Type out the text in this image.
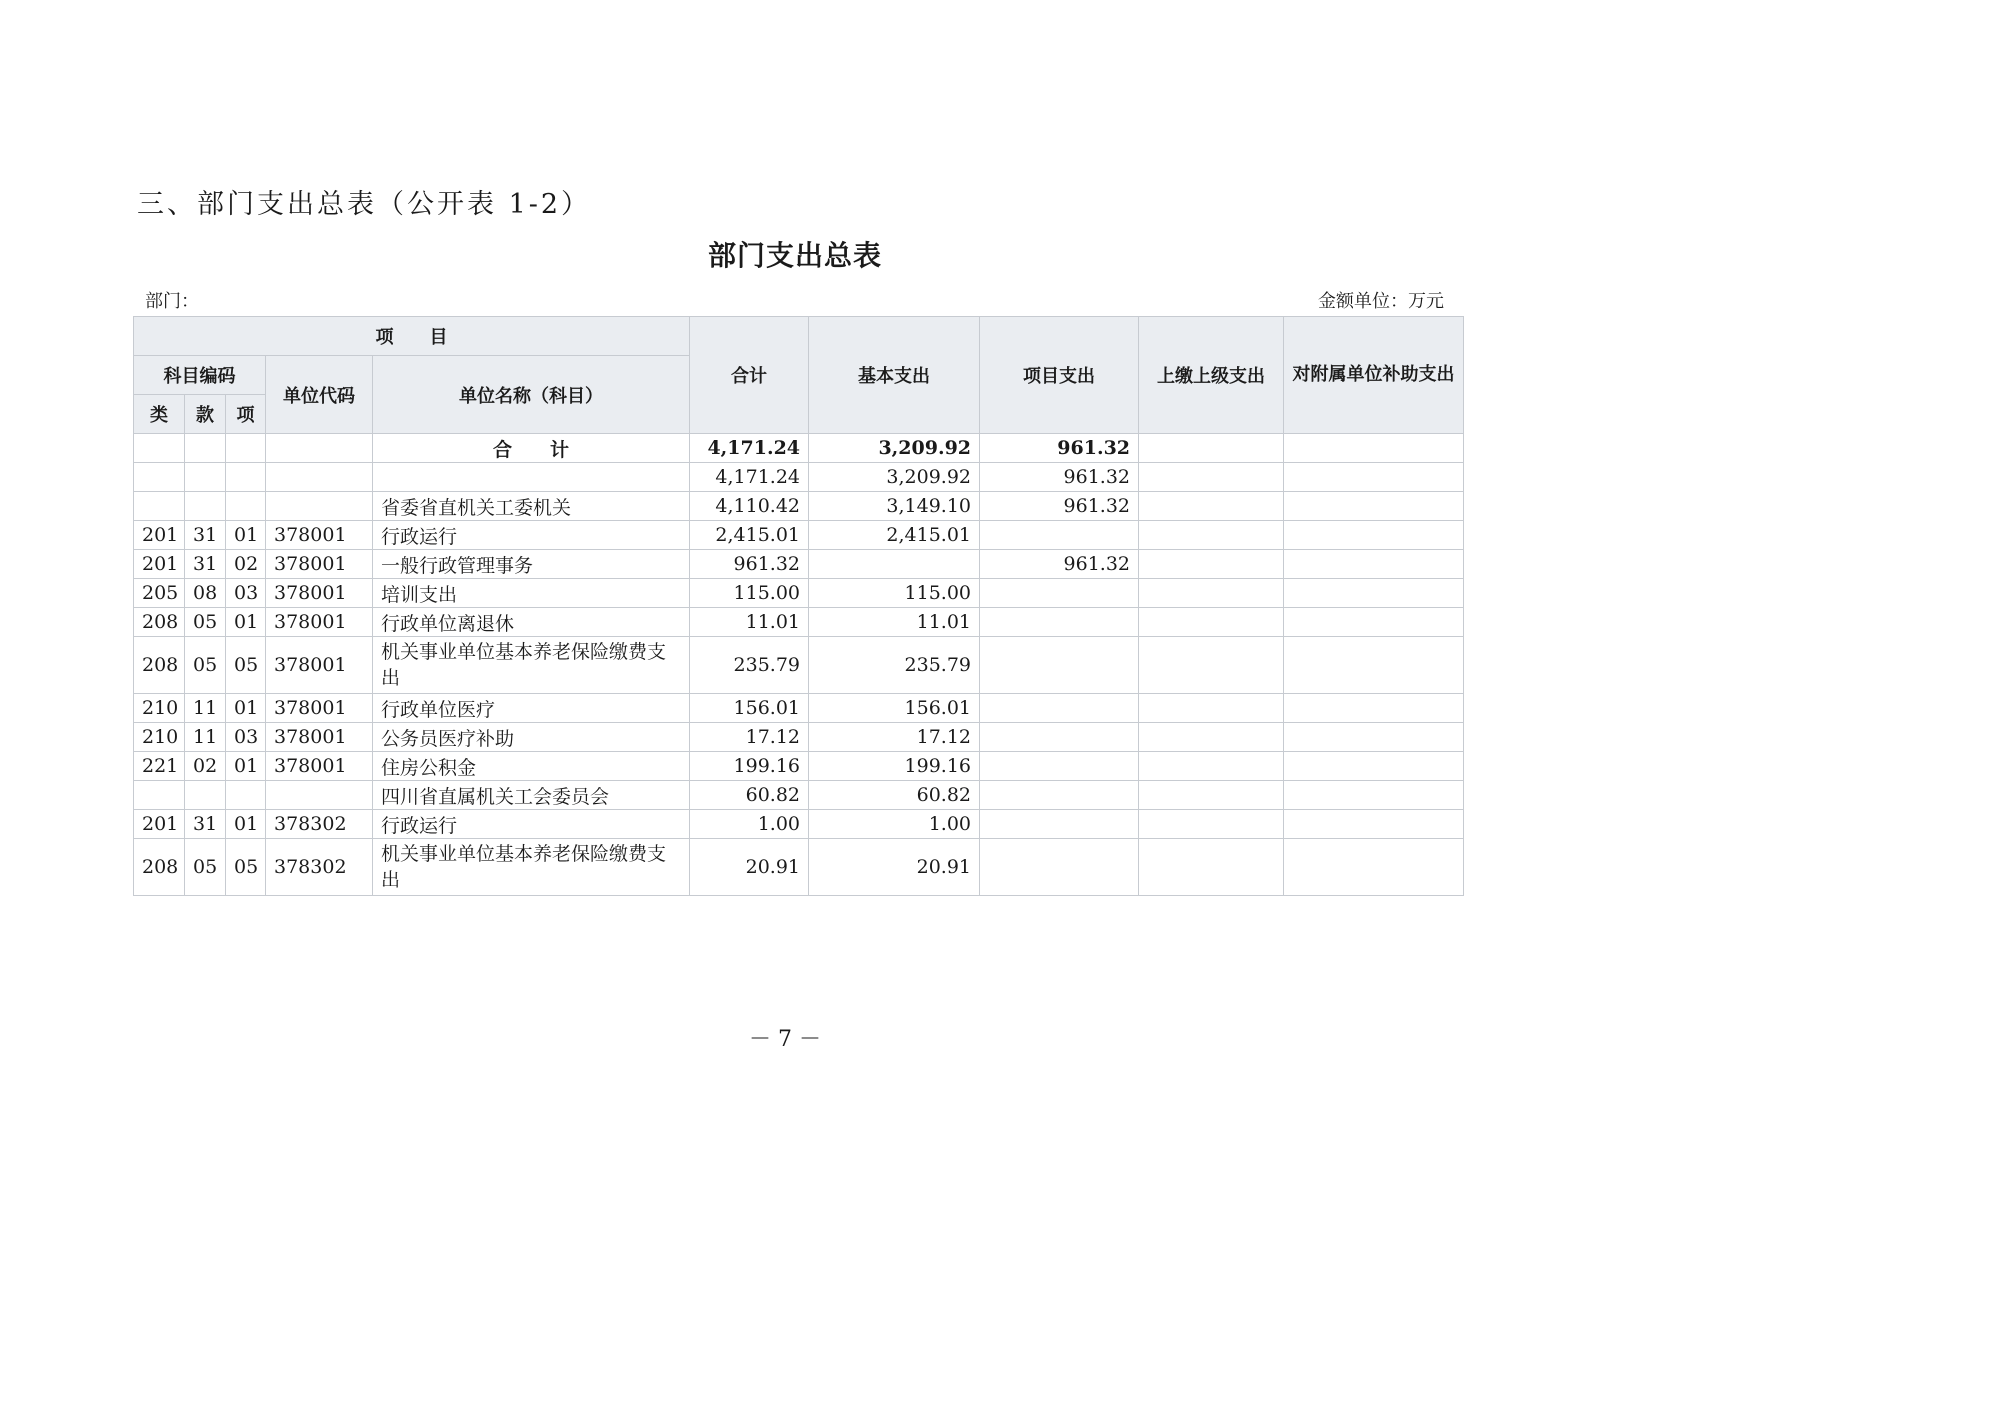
三、部门支出总表（公开表 1-2）
部门支出总表
部门：	金额单位：万元
项　　目					合计	基本支出	项目支出	上缴上级支出	对附属单位补助支出
科目编码			单位代码	单位名称（科目）					
类	款	项							
				合　　计	4,171.24	3,209.92	961.32		
					4,171.24	3,209.92	961.32		
				省委省直机关工委机关	4,110.42	3,149.10	961.32		
201	31	01	378001	行政运行	2,415.01	2,415.01			
201	31	02	378001	一般行政管理事务	961.32		961.32		
205	08	03	378001	培训支出	115.00	115.00			
208	05	01	378001	行政单位离退休	11.01	11.01			
208	05	05	378001	机关事业单位基本养老保险缴费支出	235.79	235.79			
210	11	01	378001	行政单位医疗	156.01	156.01			
210	11	03	378001	公务员医疗补助	17.12	17.12			
221	02	01	378001	住房公积金	199.16	199.16			
				四川省直属机关工会委员会	60.82	60.82			
201	31	01	378302	行政运行	1.00	1.00			
208	05	05	378302	机关事业单位基本养老保险缴费支出	20.91	20.91			
－ 7 －
